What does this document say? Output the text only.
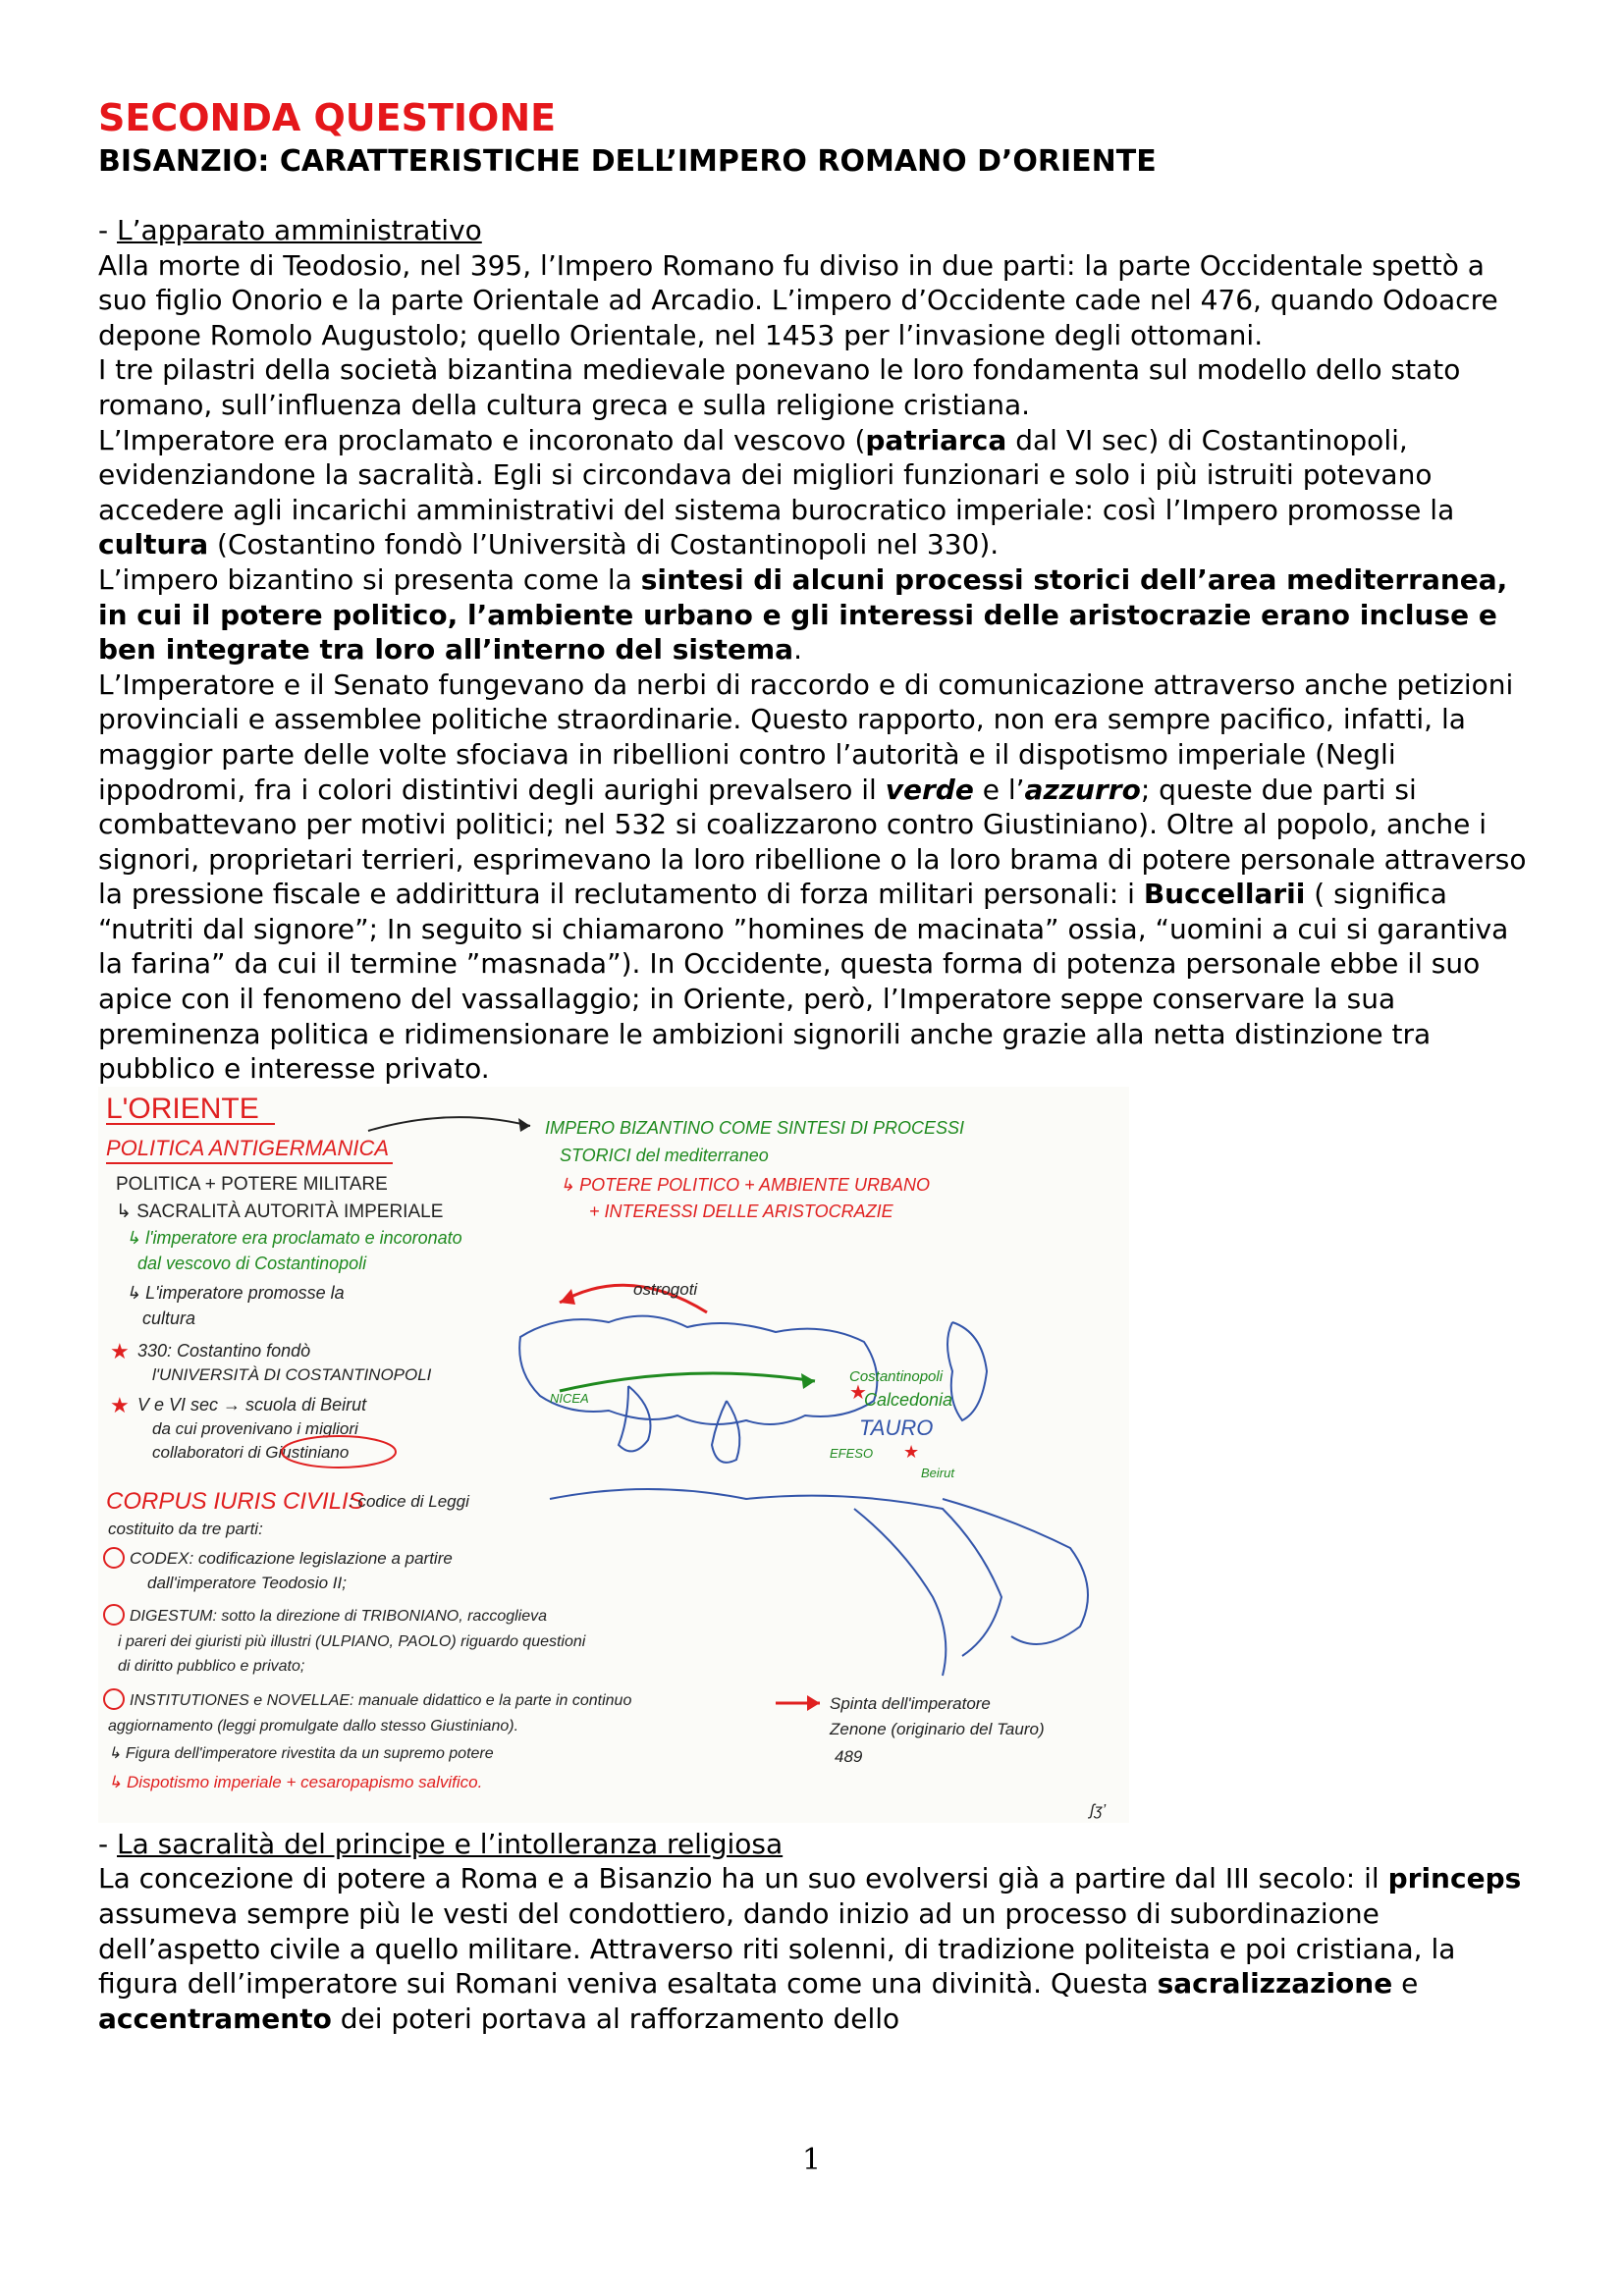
SECONDA QUESTIONE
BISANZIO: CARATTERISTICHE DELL’IMPERO ROMANO D’ORIENTE

- L’apparato amministrativo

Alla morte di Teodosio, nel 395, l’Impero Romano fu diviso in due parti: la parte Occidentale spettò a suo figlio Onorio e la parte Orientale ad Arcadio. L’impero d’Occidente cade nel 476, quando Odoacre depone Romolo Augustolo; quello Orientale, nel 1453 per l’invasione degli ottomani.

I tre pilastri della società bizantina medievale ponevano le loro fondamenta sul modello dello stato romano, sull’influenza della cultura greca e sulla religione cristiana.

L’Imperatore era proclamato e incoronato dal vescovo (patriarca dal VI sec) di Costantinopoli, evidenziandone la sacralità. Egli si circondava dei migliori funzionari e solo i più istruiti potevano accedere agli incarichi amministrativi del sistema burocratico imperiale: così l’Impero promosse la cultura (Costantino fondò l’Università di Costantinopoli nel 330).

L’impero bizantino si presenta come la sintesi di alcuni processi storici dell’area mediterranea, in cui il potere politico, l’ambiente urbano e gli interessi delle aristocrazie erano incluse e ben integrate tra loro all’interno del sistema.

L’Imperatore e il Senato fungevano da nerbi di raccordo e di comunicazione attraverso anche petizioni provinciali e assemblee politiche straordinarie. Questo rapporto, non era sempre pacifico, infatti, la maggior parte delle volte sfociava in ribellioni contro l’autorità e il dispotismo imperiale (Negli ippodromi, fra i colori distintivi degli aurighi prevalsero il verde e l’azzurro; queste due parti si combattevano per motivi politici; nel 532 si coalizzarono contro Giustiniano). Oltre al popolo, anche i signori, proprietari terrieri, esprimevano la loro ribellione o la loro brama di potere personale attraverso la pressione fiscale e addirittura il reclutamento di forza militari personali: i Buccellarii ( significa “nutriti dal signore”; In seguito si chiamarono ”homines de macinata” ossia, “uomini a cui si garantiva la farina” da cui il termine ”masnada”). In Occidente, questa forma di potenza personale ebbe il suo apice con il fenomeno del vassallaggio; in Oriente, però, l’Imperatore seppe conservare la sua preminenza politica e ridimensionare le ambizioni signorili anche grazie alla netta distinzione tra pubblico e interesse privato.

L'ORIENTE
POLITICA ANTIGERMANICA
POLITICA + POTERE MILITARE
↳ SACRALITÀ AUTORITÀ IMPERIALE
↳ l'imperatore era proclamato e incoronato
dal vescovo di Costantinopoli
↳ L'imperatore promosse la
cultura
★ 330: Costantino fondò
l'UNIVERSITÀ DI COSTANTINOPOLI
★ V e VI sec → scuola di Beirut
da cui provenivano i migliori
collaboratori di Giustiniano
CORPUS IURIS CIVILIS
: codice di Leggi
costituito da tre parti:
CODEX: codificazione legislazione a partire
dall'imperatore Teodosio II;
DIGESTUM: sotto la direzione di TRIBONIANO, raccoglieva
i pareri dei giuristi più illustri (ULPIANO, PAOLO) riguardo questioni
di diritto pubblico e privato;
INSTITUTIONES e NOVELLAE: manuale didattico e la parte in continuo
aggiornamento (leggi promulgate dallo stesso Giustiniano).
↳ Figura dell'imperatore rivestita da un supremo potere
↳ Dispotismo imperiale + cesaropapismo salvifico.
IMPERO BIZANTINO COME SINTESI DI PROCESSI
STORICI del mediterraneo
↳ POTERE POLITICO + AMBIENTE URBANO
+ INTERESSI DELLE ARISTOCRAZIE
ostrogoti
Costantinopoli
Calcedonia
TAURO
EFESO
Beirut
NICEA	★
★
Spinta dell'imperatore
Zenone (originario del Tauro)
489
ʃʒ’

- La sacralità del principe e l’intolleranza religiosa

La concezione di potere a Roma e a Bisanzio ha un suo evolversi già a partire dal III secolo: il princeps assumeva sempre più le vesti del condottiero, dando inizio ad un processo di subordinazione dell’aspetto civile a quello militare. Attraverso riti solenni, di tradizione politeista e poi cristiana, la figura dell’imperatore sui Romani veniva esaltata come una divinità. Questa sacralizzazione e accentramento dei poteri portava al rafforzamento dello

1
